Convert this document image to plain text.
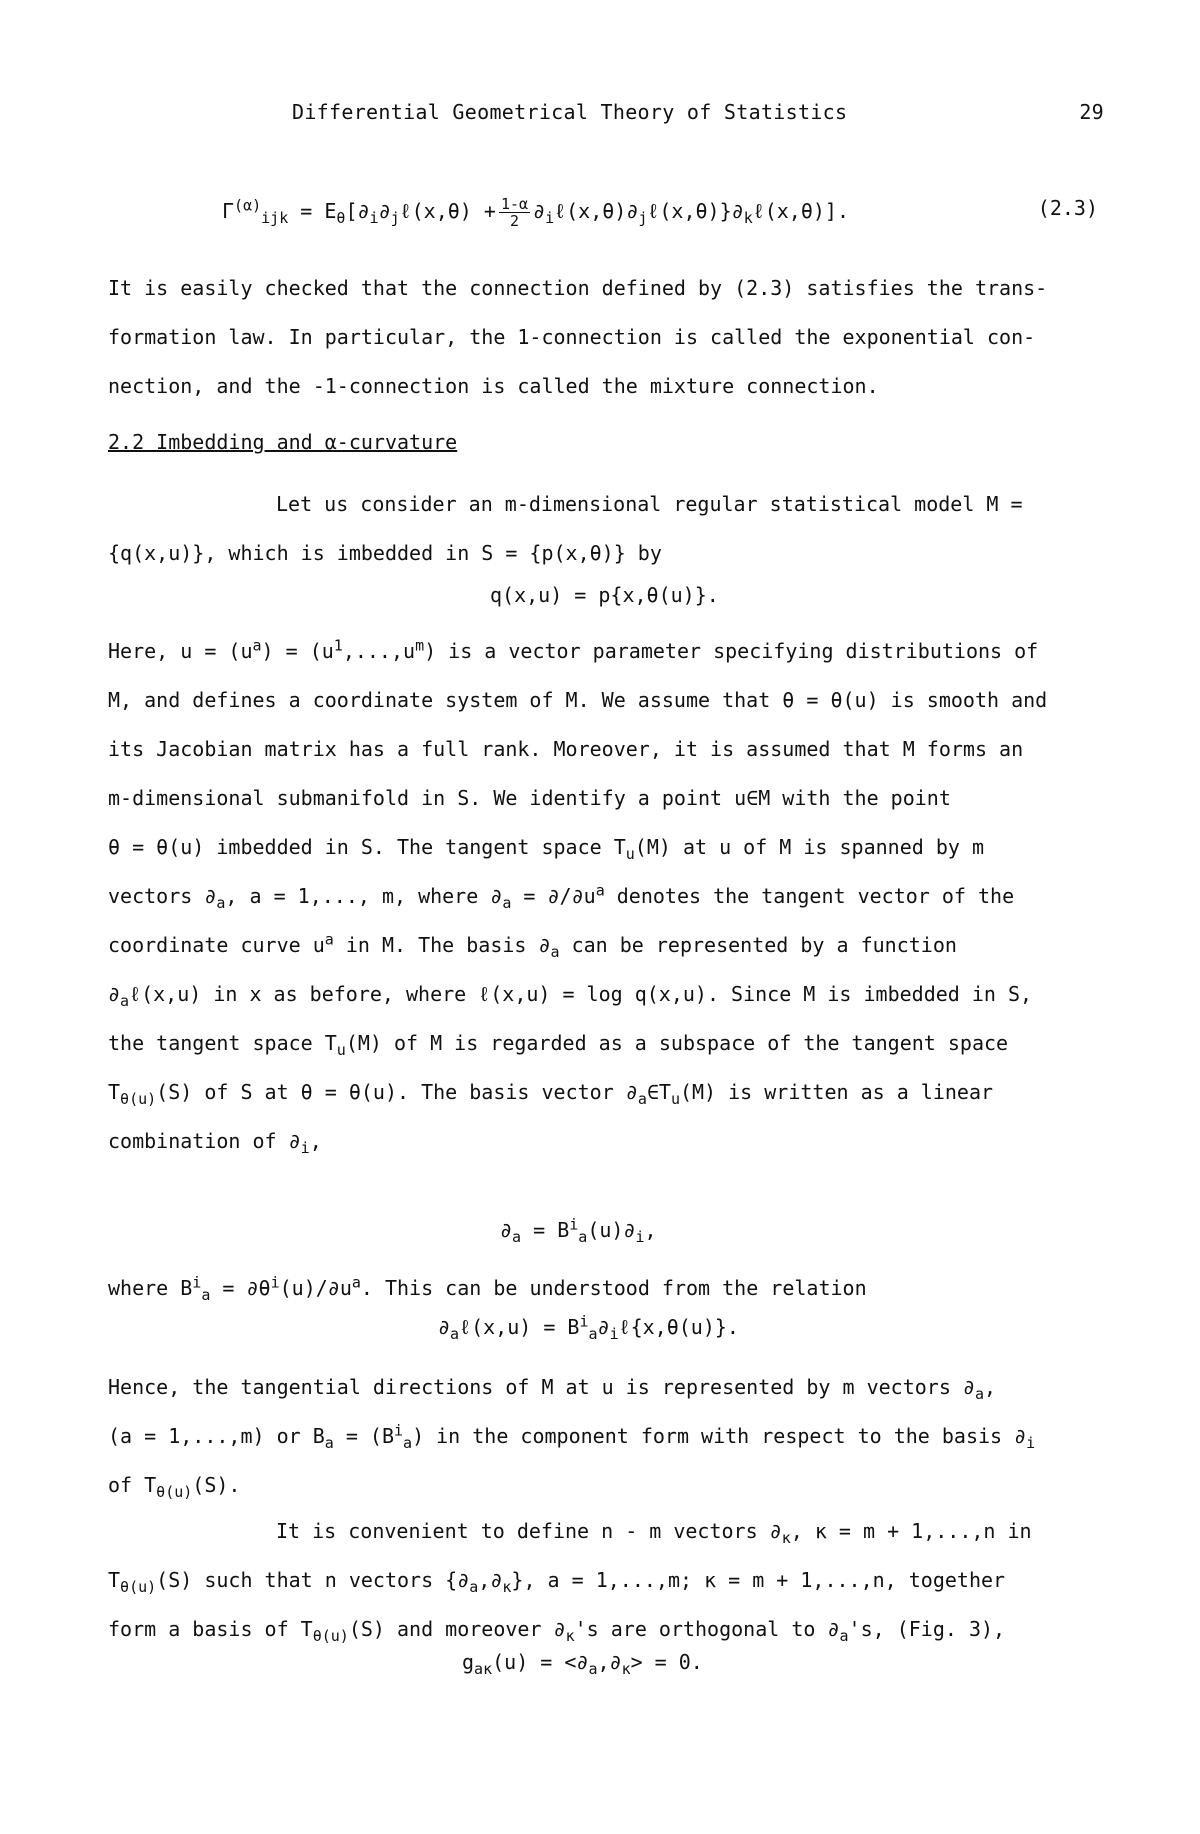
Differential Geometrical Theory of Statistics	29
$\Gamma^{(\alpha)}_{ijk}$ = $E_\theta[\partial_i\partial_j\ell(x,\theta) + \frac{1-\alpha}{2}$ $\partial_i\ell(x,\theta)\partial_j\ell(x,\theta)\}\partial_k\ell(x,\theta)$].	(2.3)
It is easily checked that the connection defined by (2.3) satisfies the trans-
formation law. In particular, the 1-connection is called the exponential con-
nection, and the -1-connection is called the mixture connection.
2.2 Imbedding and α-curvature
Let us consider an m-dimensional regular statistical model M =
{q(x,u)}, which is imbedded in S = {p(x,θ)} by
q(x,u) = p{x,θ(u)}.
Here, $u = (u^a) = (u^1,...,u^m)$ is a vector parameter specifying distributions of
M, and defines a coordinate system of M. We assume that θ = θ(u) is smooth and
its Jacobian matrix has a full rank. Moreover, it is assumed that M forms an
m-dimensional submanifold in S. We identify a point u∈M with the point
θ = θ(u) imbedded in S. The tangent space $T_u(M)$ at u of M is spanned by m
vectors $\partial_a$, a = 1,..., m, where $\partial_a = \partial/\partial u^a$ denotes the tangent vector of the
coordinate curve $u^a$ in M. The basis $\partial_a$ can be represented by a function
$\partial_a\ell(x,u)$ in x as before, where ℓ(x,u) = log q(x,u). Since M is imbedded in S,
the tangent space $T_u(M)$ of M is regarded as a subspace of the tangent space
$T_{\theta(u)}(S)$ of S at θ = θ(u). The basis vector $\partial_a\in T_u(M)$ is written as a linear
combination of $\partial_i$,
$\partial_a = B^i_a(u)\partial_i$,
where $B^i_a = \partial\theta^i(u)/\partial u^a$. This can be understood from the relation
$\partial_a\ell(x,u)$ = $B^i_a\partial_i\ell\{x,\theta(u)\}$.
Hence, the tangential directions of M at u is represented by m vectors $\partial_a$,
(a = 1,...,m) or $B_a = (B^i_a)$ in the component form with respect to the basis $\partial_i$
of $T_{\theta(u)}(S)$.
It is convenient to define n - m vectors $\partial_\kappa$, κ = m + 1,...,n in
$T_{\theta(u)}(S)$ such that n vectors $\{\partial_a,\partial_\kappa\}$, a = 1,...,m; κ = m + 1,...,n, together
form a basis of $T_{\theta(u)}(S)$ and moreover $\partial_\kappa's$ are orthogonal to $\partial_a's$, (Fig. 3),
$g_{a\kappa}(u) = <\partial_a,\partial_\kappa> = 0$.
